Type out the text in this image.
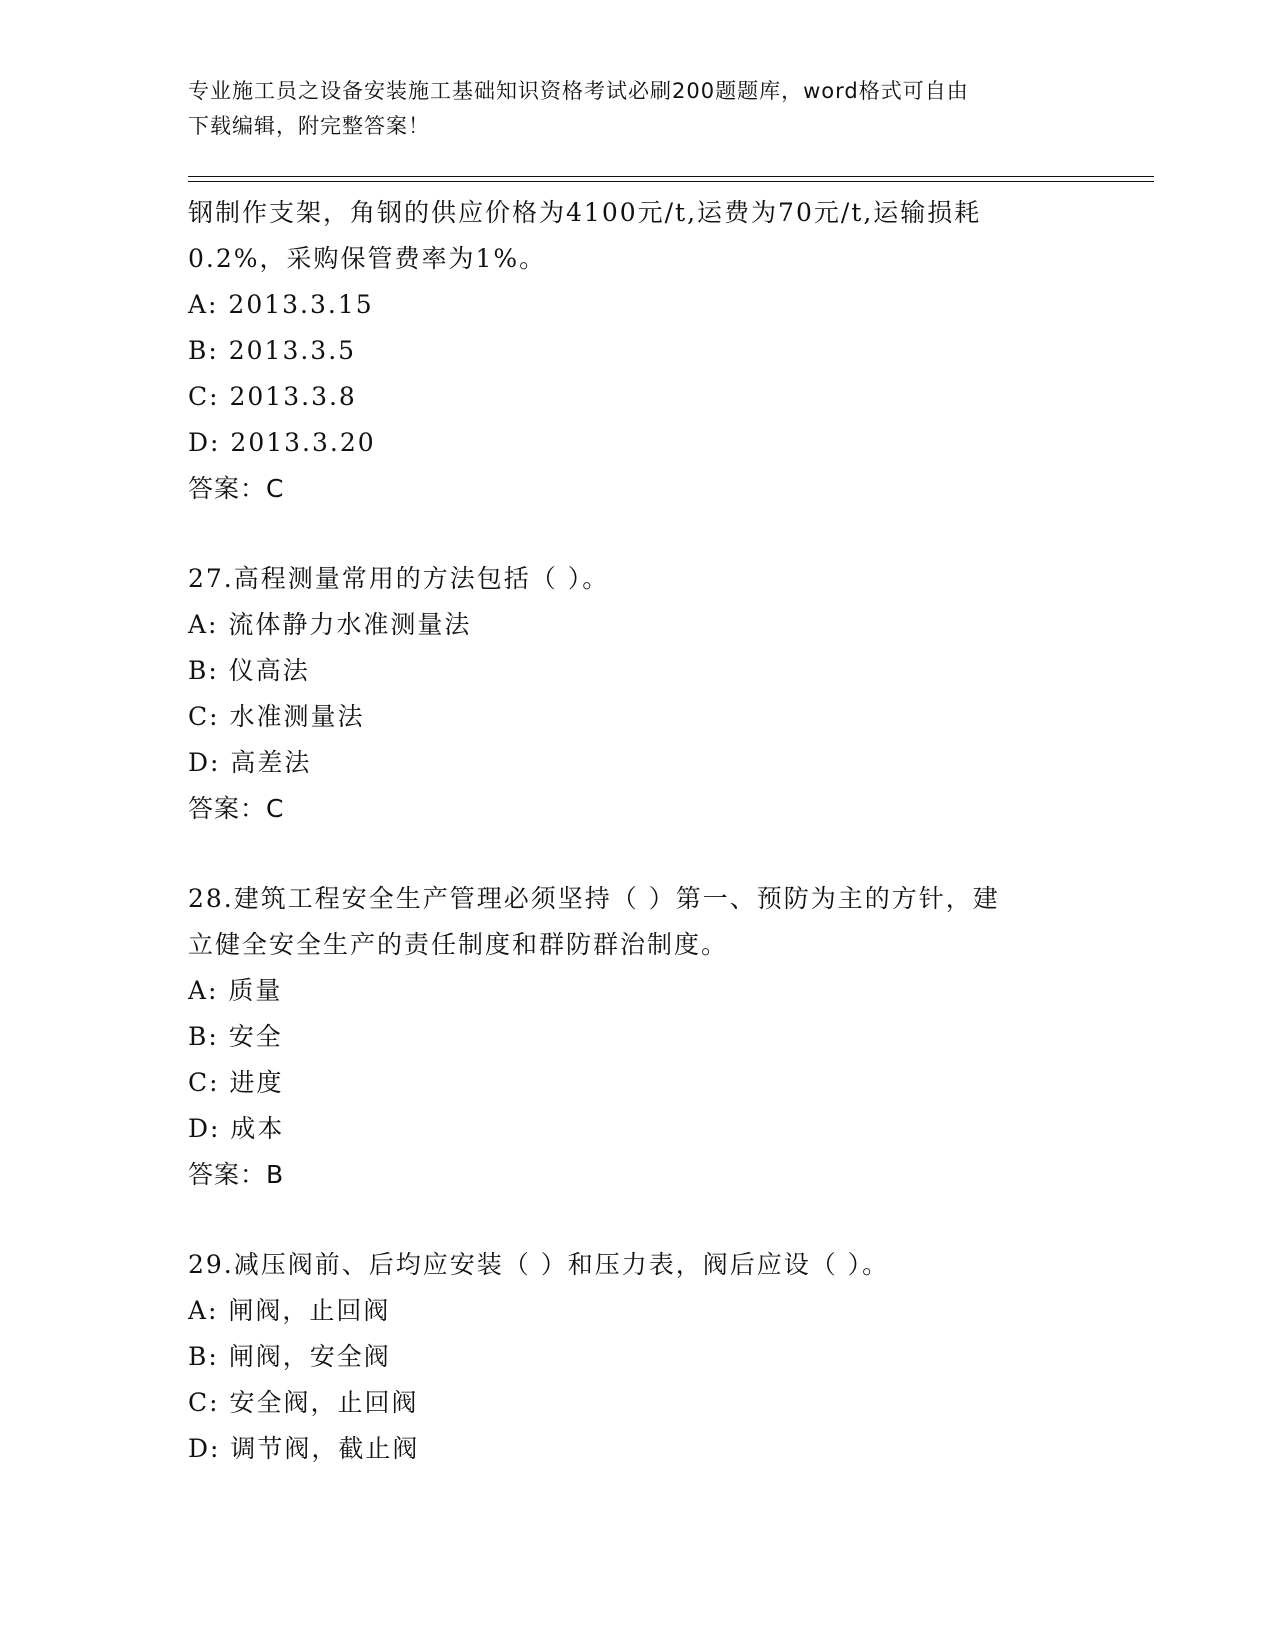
专业施工员之设备安装施工基础知识资格考试必刷200题题库，word格式可自由
下载编辑，附完整答案！
钢制作支架，角钢的供应价格为4100元/t,运费为70元/t,运输损耗
0.2%，采购保管费率为1%。
A: 2013.3.15
B: 2013.3.5
C: 2013.3.8
D: 2013.3.20
答案：C
27.高程测量常用的方法包括（ ）。
A: 流体静力水准测量法
B: 仪高法
C: 水准测量法
D: 高差法
答案：C
28.建筑工程安全生产管理必须坚持（ ）第一、预防为主的方针，建
立健全安全生产的责任制度和群防群治制度。
A: 质量
B: 安全
C: 进度
D: 成本
答案：B
29.减压阀前、后均应安装（ ）和压力表，阀后应设（ ）。
A: 闸阀，止回阀
B: 闸阀，安全阀
C: 安全阀，止回阀
D: 调节阀，截止阀
